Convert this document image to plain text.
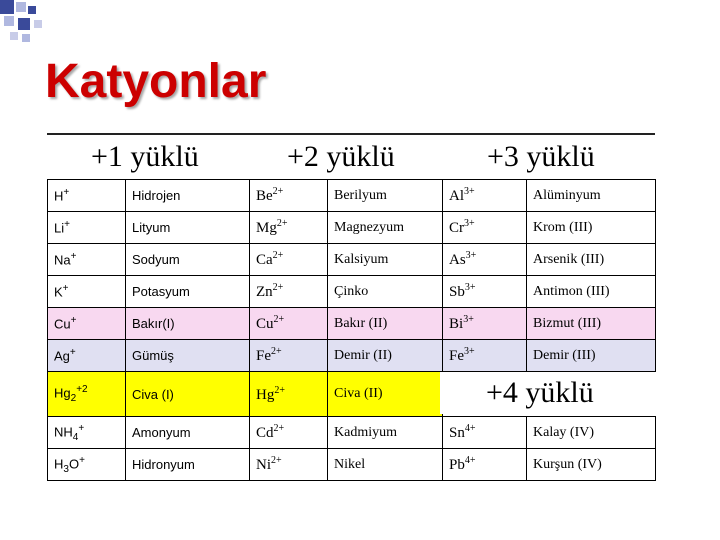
Katyonlar
+1 yüklü	+2 yüklü	+3 yüklü
H+	Hidrojen	$Be^{2+}$	Berilyum	$Al^{3+}$	Alüminyum
Li+	Lityum	$Mg^{2+}$	Magnezyum	$Cr^{3+}$	Krom (III)
Na+	Sodyum	$Ca^{2+}$	Kalsiyum	$As^{3+}$	Arsenik (III)
K+	Potasyum	$Zn^{2+}$	Çinko	$Sb^{3+}$	Antimon (III)
Cu+	Bakır(I)	$Cu^{2+}$	Bakır (II)	$Bi^{3+}$	Bizmut (III)
Ag+	Gümüş	$Fe^{2+}$	Demir (II)	$Fe^{3+}$	Demir (III)
$Hg_2^{+2}$	Civa (I)	$Hg^{2+}$	Civa (II)		
$NH_4^+$	Amonyum	$Cd^{2+}$	Kadmiyum	$Sn^{4+}$	Kalay (IV)
$H_3O^+$	Hidronyum	$Ni^{2+}$	Nikel	$Pb^{4+}$	Kurşun (IV)
+4 yüklü
